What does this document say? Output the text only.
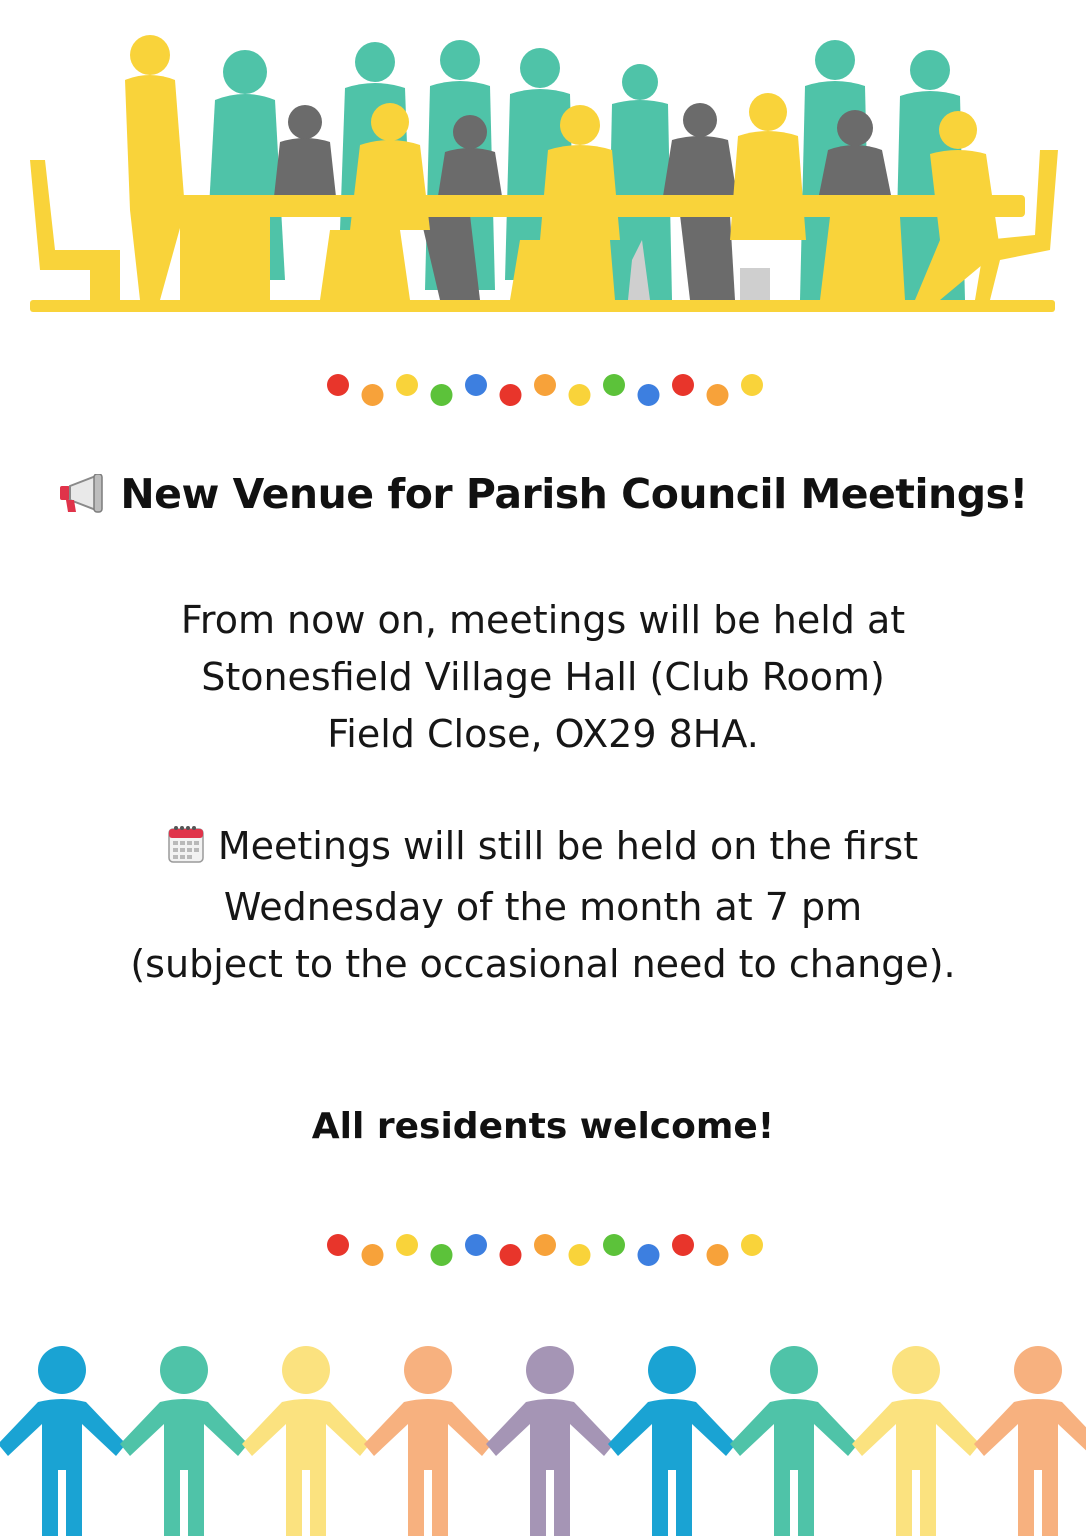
New Venue for Parish Council Meetings!
From now on, meetings will be held at
Stonesfield Village Hall (Club Room)
Field Close, OX29 8HA.
Meetings will still be held on the first
Wednesday of the month at 7 pm
(subject to the occasional need to change).
All residents welcome!
